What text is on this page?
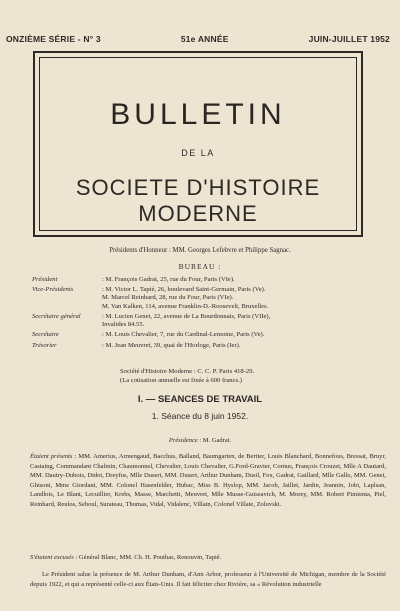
ONZIÈME SÉRIE - N° 3	51e ANNÉE	JUIN-JUILLET 1952
BULLETIN
DE LA
SOCIETE D'HISTOIRE MODERNE
Présidents d'Honneur : MM. Georges Lefebvre et Philippe Sagnac.
BUREAU :
Président	: M. François Gadrat, 25, rue du Four, Paris (VIe).
Vice-Présidents	: M. Victor L. Tapié, 26, boulevard Saint-Germain, Paris (Ve).
M. Marcel Reinhard, 28, rue du Four, Paris (VIe).
M. Van Kalken, 114, avenue Franklin-D.-Roosevelt, Bruxelles.
Secrétaire général	: M. Lucien Genet, 22, avenue de La Bourdonnais, Paris (VIIe),
Invalides 84.55.
Secrétaire	: M. Louis Chevalier, 7, rue du Cardinal-Lemoine, Paris (Ve).
Trésorier	: M. Jean Meuvret, 39, quai de l'Horloge, Paris (Ier).
Société d'Histoire Moderne : C. C. P. Paris 418-29.
(La cotisation annuelle est fixée à 600 francs.)
I. — SEANCES DE TRAVAIL
1. Séance du 8 juin 1952.
Présidence : M. Gadrat.
Étaient présents : MM. Amerius, Armengaud, Bacchus, Balland, Baumgarten, de Bertier, Louis Blanchard, Bonnefous, Bressat, Bruyr, Castaing, Commandant Chalmin, Chaumonnel, Chevalier, Louis Chevalier, G.Ford-Gravier, Cornus, François Crouzet, Mlle A Dautard, MM. Dautry-Dubois, Didot, Dreyfus, Mlle Dusert, MM. Dusert, Arthur Dunham, Dusil, Fox, Gadrat, Gaillard, Mlle Gallo, MM. Genet, Ghisoni, Mme Giordani, MM. Colonel Hasenfelder, Hubac, Miss B. Hyslop, MM. Jacob, Jaillet, Jardin, Jeannin, Jobi, Laplsan, Landlois, Le Blant, Lecuillier, Krebs, Masse, Marchetti, Meuvret, Mlle Musse-Guiseavich, M. Morey, MM. Robert Pimienta, Piel, Reinhard, Reulos, Seboul, Surateau, Thomas, Vidal, Vidalenc, Villain, Colonel Villate, Zoluvski.
S'étaient excusés : Général Blanc, MM. Ch. H. Pouthas, Renouvin, Tapié.
Le Président salue la présence de M. Arthur Dunham, d'Ann Arbor, professeur à l'Université de Michigan, membre de la Société depuis 1922, et qui a représenté celle-ci aux États-Unis. Il fait féliciter chez Rivière, sa « Révolution industrielle
